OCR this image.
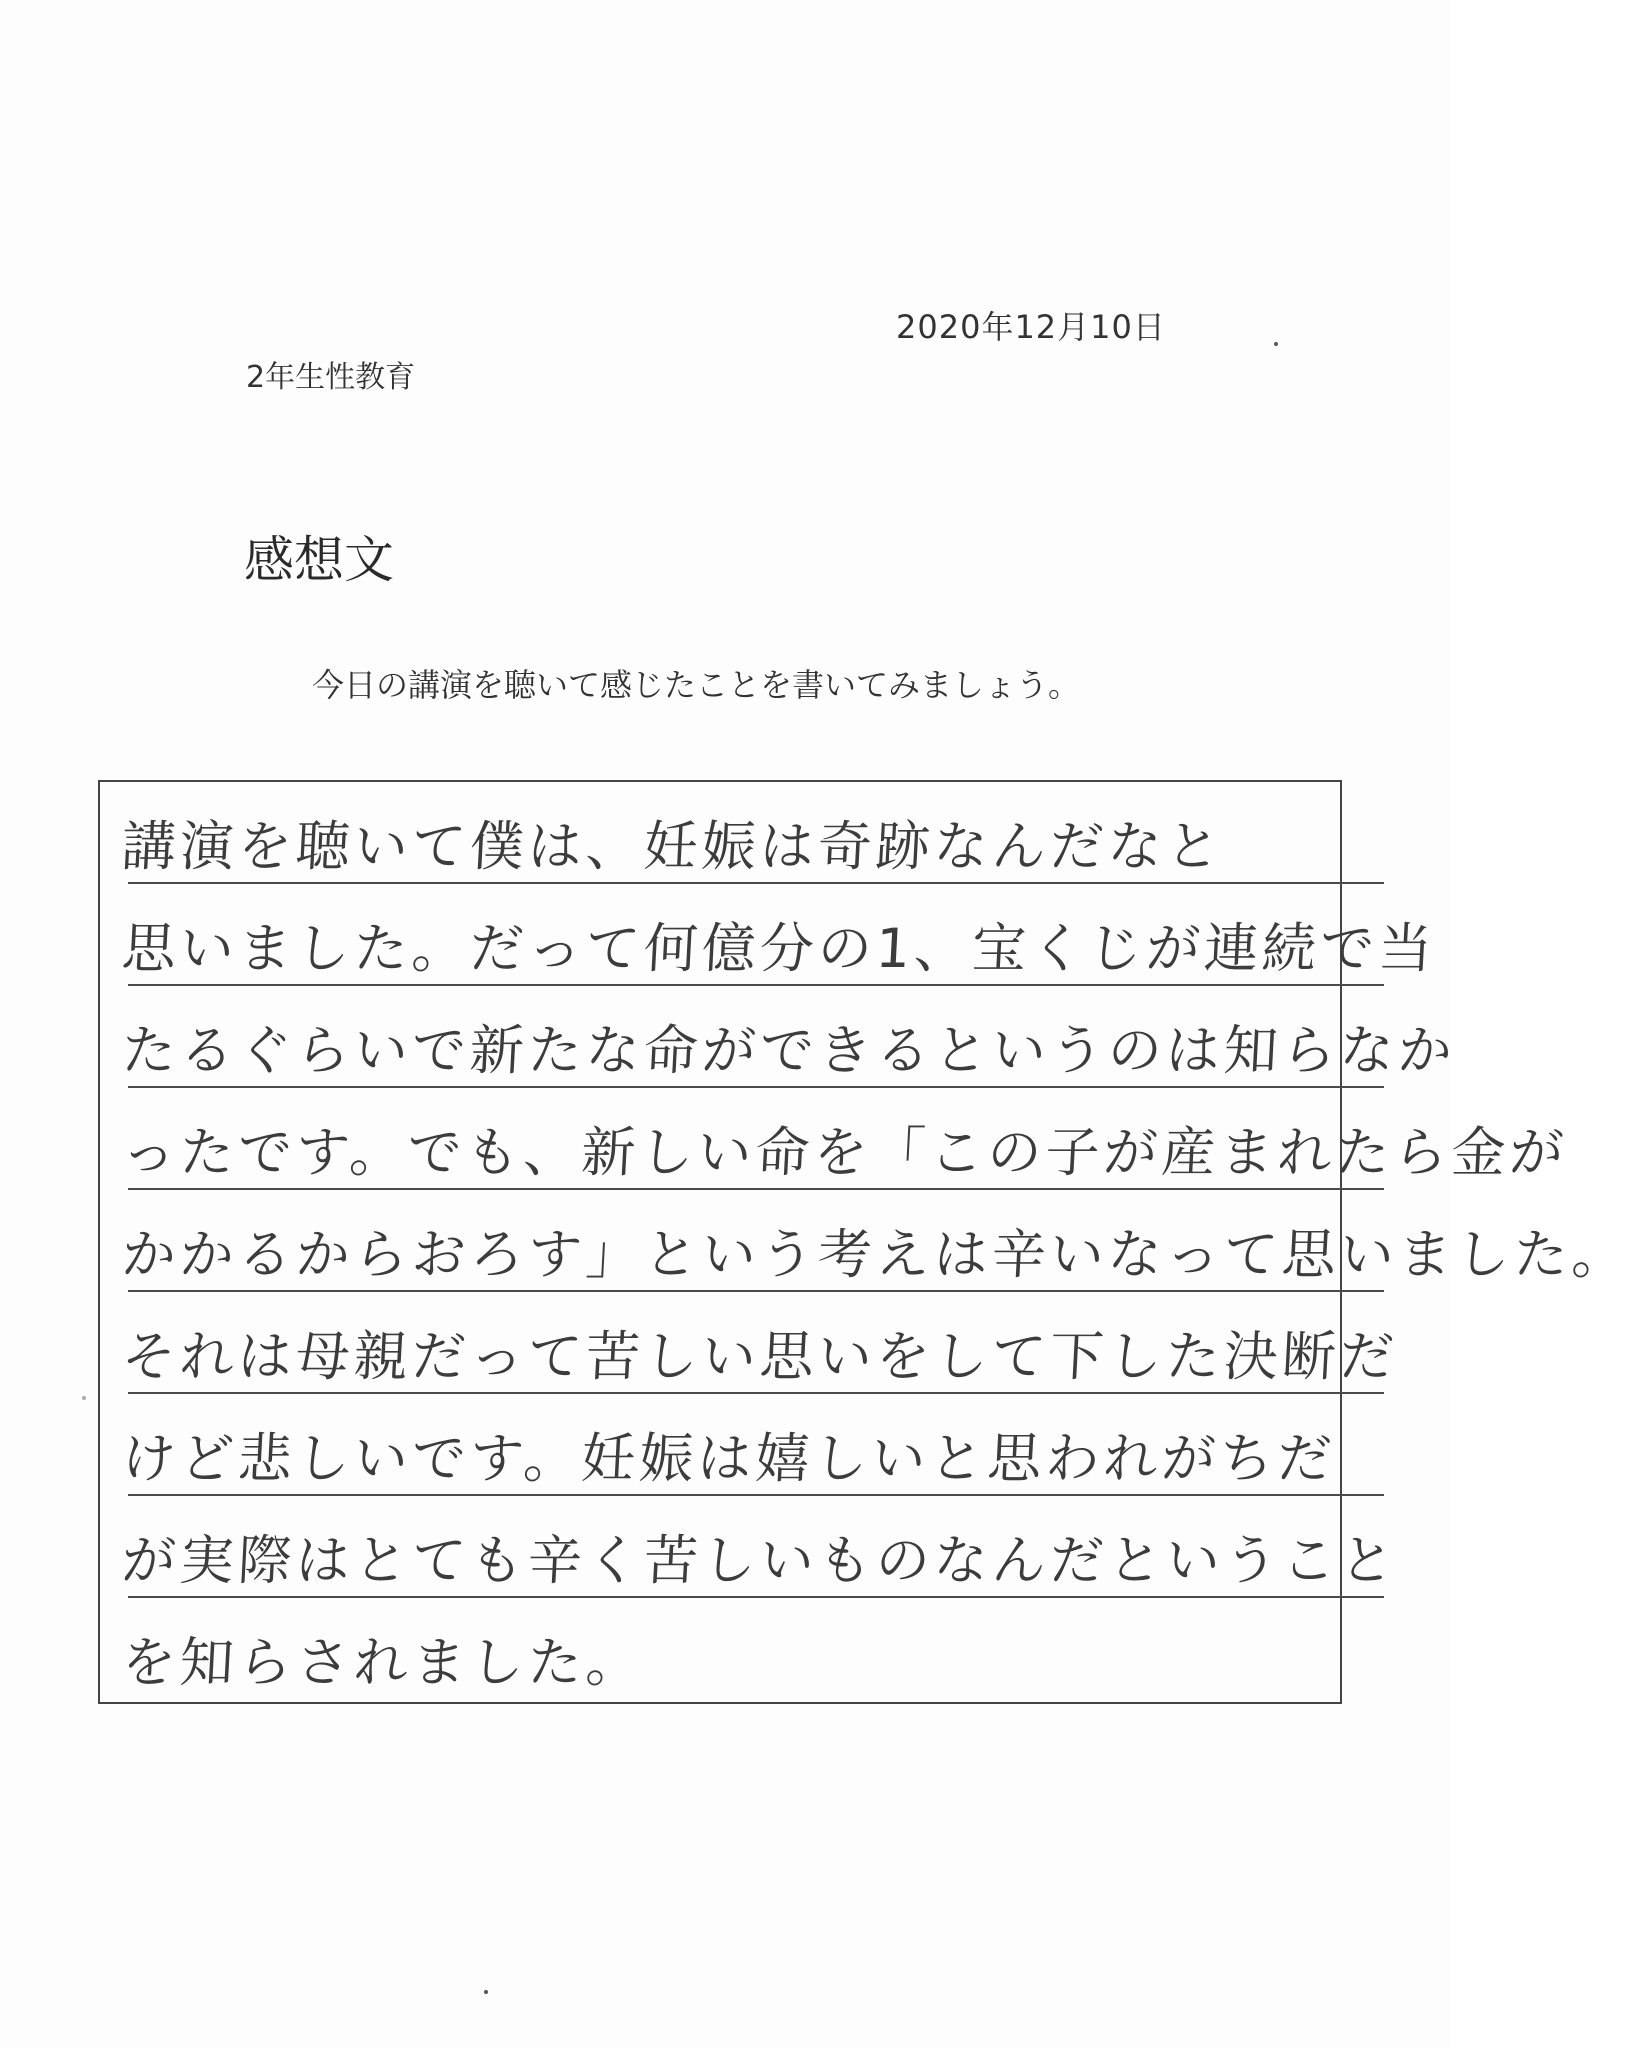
2020年12月10日
2年生性教育
感想文
今日の講演を聴いて感じたことを書いてみましょう。
講演を聴いて僕は、妊娠は奇跡なんだなと
思いました。だって何億分の1、宝くじが連続で当
たるぐらいで新たな命ができるというのは知らなか
ったです。でも、新しい命を「この子が産まれたら金が
かかるからおろす」という考えは辛いなって思いました。
それは母親だって苦しい思いをして下した決断だ
けど悲しいです。妊娠は嬉しいと思われがちだ
が実際はとても辛く苦しいものなんだということ
を知らされました。
